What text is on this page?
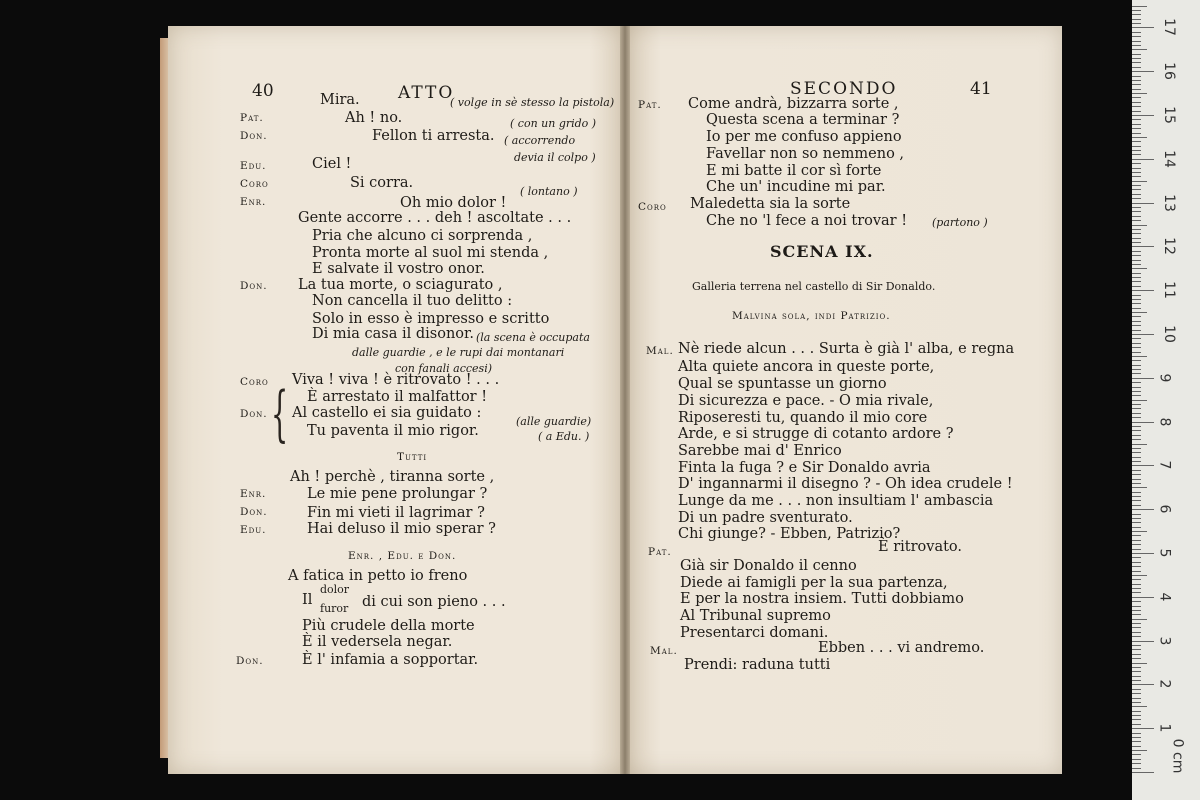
40	ATTO	41
SECONDO
{
Mira.	( volge in sè stesso la pistola)
Pat.	Ah ! no.	( con un grido )
Don.	Fellon ti arresta. ( accorrendo
devia il colpo )
Edu.	Ciel !
Coro	Si corra.
( lontano )
Enr.	Oh mio dolor !
Gente accorre . . . deh ! ascoltate . . .
Pria che alcuno ci sorprenda ,
Pronta morte al suol mi stenda ,
E salvate il vostro onor.
Don. La tua morte, o sciagurato ,
Non cancella il tuo delitto :
Solo in esso è impresso e scritto
Di mia casa il disonor. (la scena è occupata
dalle guardie , e le rupi dai montanari
con fanali accesi)
Coro Viva ! viva ! è ritrovato ! . . .
È arrestato il malfattor !
Don. Al castello ei sia guidato :
(alle guardie)
Tu paventa il mio rigor.	( a Edu. )
Tutti
Ah ! perchè , tiranna sorte ,
Enr.	Le mie pene prolungar ?
Don.	Fin mi vieti il lagrimar ?
Edu.	Hai deluso il mio sperar ?
Enr. , Edu. e Don.
A fatica in petto io freno
dolor
Il	di cui son pieno . . .
furor
Più crudele della morte
È il vedersela negar.
Don.	È l' infamia a sopportar.
Pat. Come andrà, bizzarra sorte ,
Questa scena a terminar ?
Io per me confuso appieno
Favellar non so nemmeno ,
E mi batte il cor sì forte
Che un' incudine mi par.
Coro Maledetta sia la sorte
Che no 'l fece a noi trovar ! (partono )
SCENA IX.
Galleria terrena nel castello di Sir Donaldo.
Malvina sola, indi Patrizio.
Mal. Nè riede alcun . . . Surta è già l' alba, e regna
Alta quiete ancora in queste porte,
Qual se spuntasse un giorno
Di sicurezza e pace. - O mia rivale,
Riposeresti tu, quando il mio core
Arde, e si strugge di cotanto ardore ?
Sarebbe mai d' Enrico
Finta la fuga ? e Sir Donaldo avria
D' ingannarmi il disegno ? - Oh idea crudele !
Lunge da me . . . non insultiam l' ambascia
Di un padre sventurato.
Chi giunge? - Ebben, Patrizio?
Pat.	È ritrovato.
Già sir Donaldo il cenno
Diede ai famigli per la sua partenza,
E per la nostra insiem. Tutti dobbiamo
Al Tribunal supremo
Presentarci domani.
Mal.	Ebben . . . vi andremo.
Prendi: raduna tutti
17
16
15
14
13
12
11
10
9
8
7
6
5
4
3
2
1
0 cm
